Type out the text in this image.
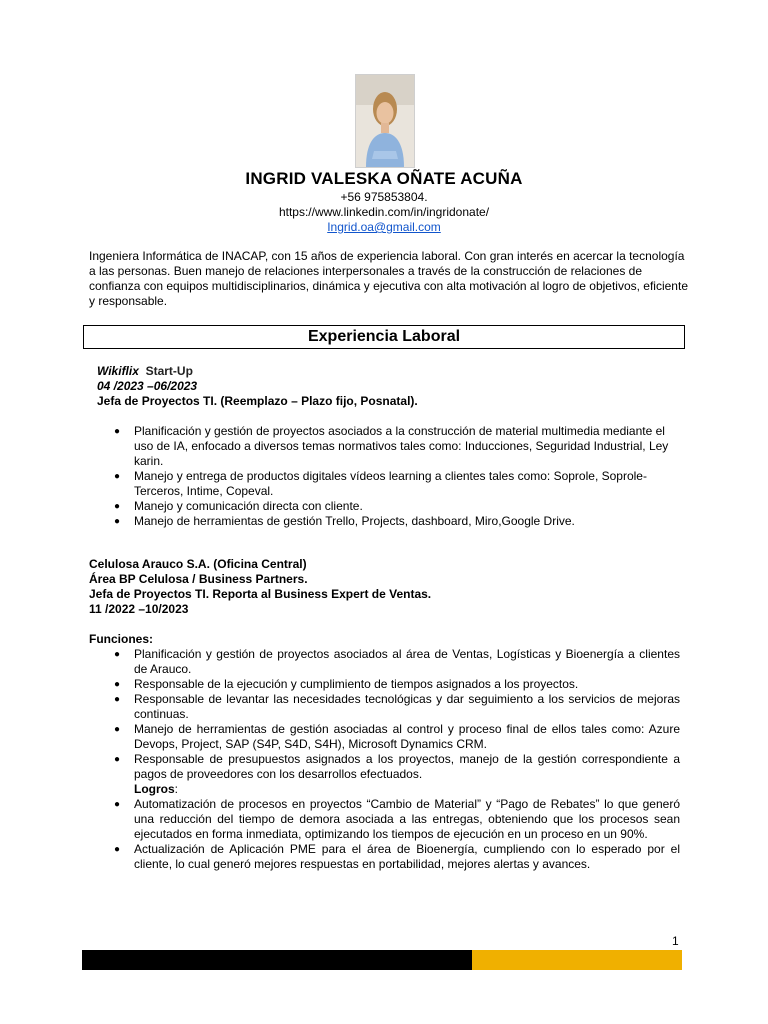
INGRID VALESKA OÑATE ACUÑA
+56 975853804.
https://www.linkedin.com/in/ingridonate/
Ingrid.oa@gmail.com
Ingeniera Informática de INACAP, con 15 años de experiencia laboral. Con gran interés en acercar la tecnología a las personas. Buen manejo de relaciones interpersonales a través de la construcción de relaciones de confianza con equipos multidisciplinarios, dinámica y ejecutiva con alta motivación al logro de objetivos, eficiente y responsable.
Experiencia Laboral
Wikiflix Start-Up
04 /2023 –06/2023
Jefa de Proyectos TI. (Reemplazo – Plazo fijo, Posnatal).
● Planificación y gestión de proyectos asociados a la construcción de material multimedia mediante el uso de IA, enfocado a diversos temas normativos tales como: Inducciones, Seguridad Industrial, Ley karin.
● Manejo y entrega de productos digitales vídeos learning a clientes tales como: Soprole, Soprole-Terceros, Intime, Copeval.
● Manejo y comunicación directa con cliente.
● Manejo de herramientas de gestión Trello, Projects, dashboard, Miro,Google Drive.
Celulosa Arauco S.A. (Oficina Central)
Área BP Celulosa / Business Partners.
Jefa de Proyectos TI. Reporta al Business Expert de Ventas.
11 /2022 –10/2023
Funciones:
● Planificación y gestión de proyectos asociados al área de Ventas, Logísticas y Bioenergía a clientes de Arauco.
● Responsable de la ejecución y cumplimiento de tiempos asignados a los proyectos.
● Responsable de levantar las necesidades tecnológicas y dar seguimiento a los servicios de mejoras continuas.
● Manejo de herramientas de gestión asociadas al control y proceso final de ellos tales como: Azure Devops, Project, SAP (S4P, S4D, S4H), Microsoft Dynamics CRM.
● Responsable de presupuestos asignados a los proyectos, manejo de la gestión correspondiente a pagos de proveedores con los desarrollos efectuados.
Logros:
● Automatización de procesos en proyectos “Cambio de Material” y “Pago de Rebates” lo que generó una reducción del tiempo de demora asociada a las entregas, obteniendo que los procesos sean ejecutados en forma inmediata, optimizando los tiempos de ejecución en un proceso en un 90%.
● Actualización de Aplicación PME para el área de Bioenergía, cumpliendo con lo esperado por el cliente, lo cual generó mejores respuestas en portabilidad, mejores alertas y avances.
1
